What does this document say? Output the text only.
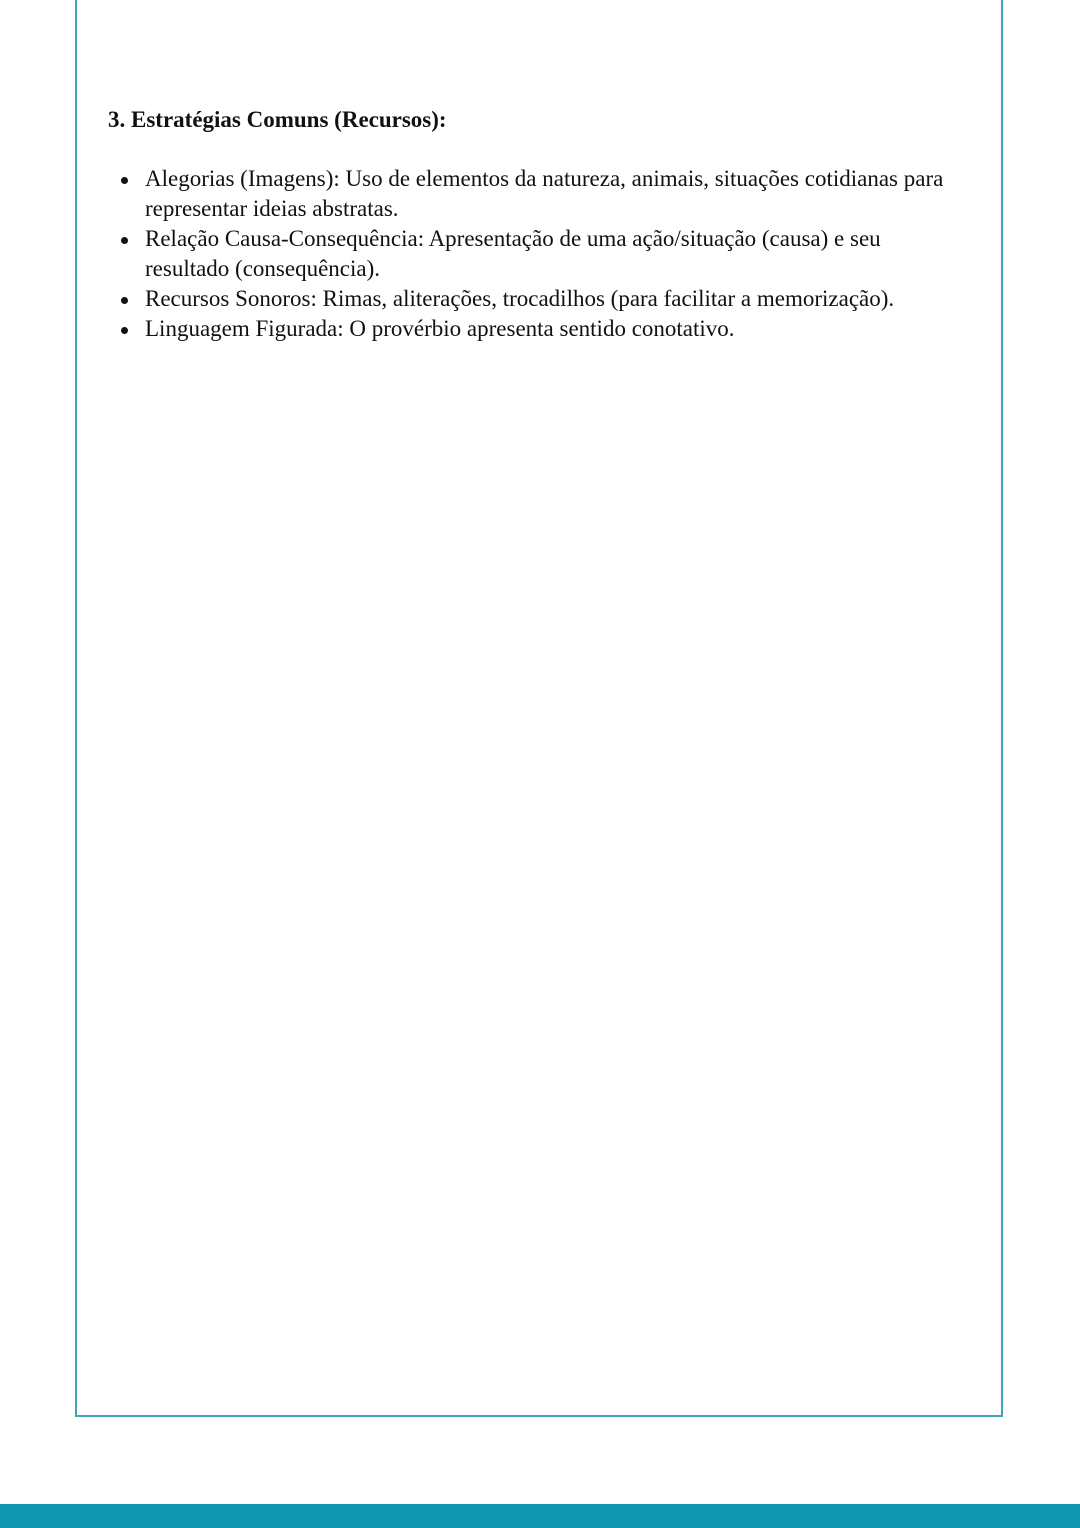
3. Estratégias Comuns (Recursos):
Alegorias (Imagens): Uso de elementos da natureza, animais, situações cotidianas para representar ideias abstratas.
Relação Causa-Consequência: Apresentação de uma ação/situação (causa) e seu resultado (consequência).
Recursos Sonoros: Rimas, aliterações, trocadilhos (para facilitar a memorização).
Linguagem Figurada: O provérbio apresenta sentido conotativo.
